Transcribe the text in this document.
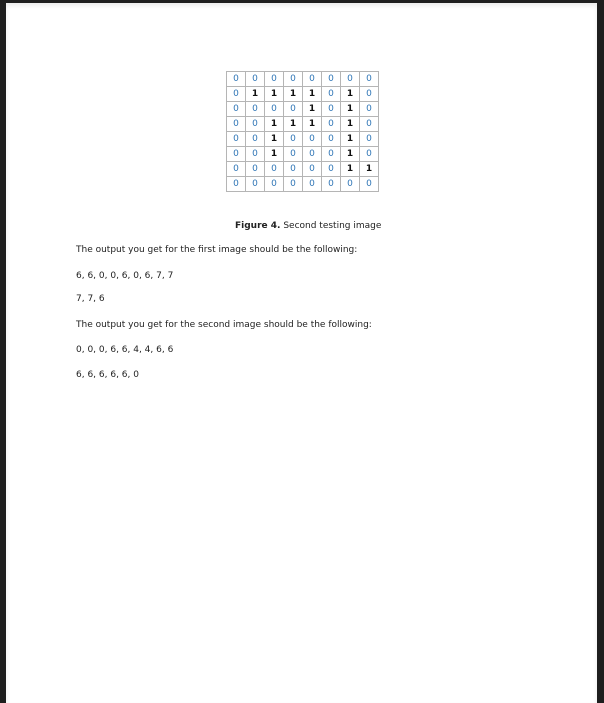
0	0	0	0	0	0	0	0
0	1	1	1	1	0	1	0
0	0	0	0	1	0	1	0
0	0	1	1	1	0	1	0
0	0	1	0	0	0	1	0
0	0	1	0	0	0	1	0
0	0	0	0	0	0	1	1
0	0	0	0	0	0	0	0
Figure 4. Second testing image
The output you get for the first image should be the following:
6, 6, 0, 0, 6, 0, 6, 7, 7
7, 7, 6
The output you get for the second image should be the following:
0, 0, 0, 6, 6, 4, 4, 6, 6
6, 6, 6, 6, 6, 0
